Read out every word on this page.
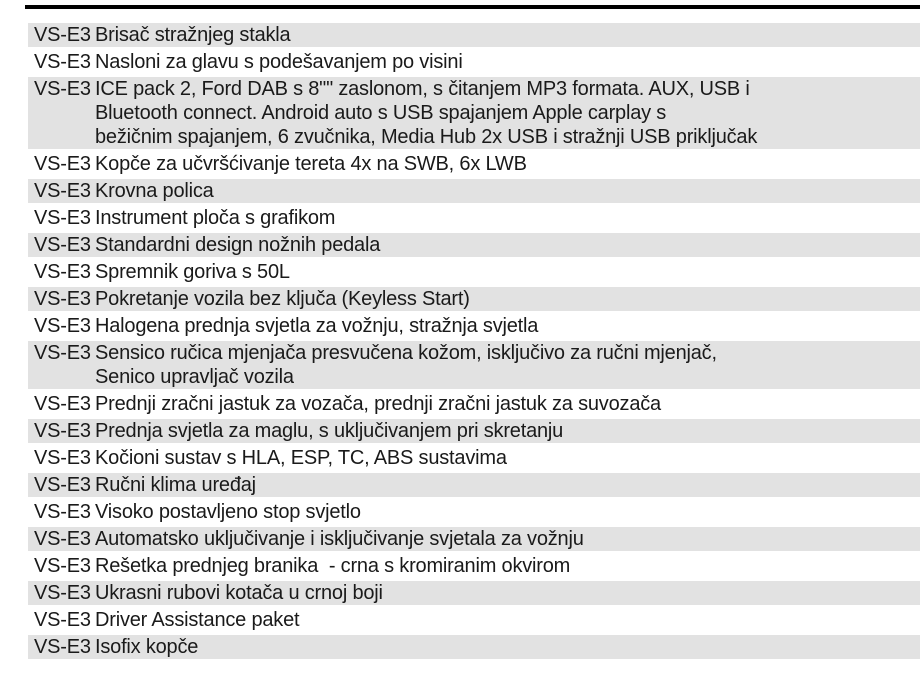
VS-E3 Brisač stražnjeg stakla
VS-E3 Nasloni za glavu s podešavanjem po visini
VS-E3 ICE pack 2, Ford DAB s 8"" zaslonom, s čitanjem MP3 formata. AUX, USB i
Bluetooth connect. Android auto s USB spajanjem Apple carplay s
bežičnim spajanjem, 6 zvučnika, Media Hub 2x USB i stražnji USB priključak
VS-E3 Kopče za učvršćivanje tereta 4x na SWB, 6x LWB
VS-E3 Krovna polica
VS-E3 Instrument ploča s grafikom
VS-E3 Standardni design nožnih pedala
VS-E3 Spremnik goriva s 50L
VS-E3 Pokretanje vozila bez ključa (Keyless Start)
VS-E3 Halogena prednja svjetla za vožnju, stražnja svjetla
VS-E3 Sensico ručica mjenjača presvučena kožom, isključivo za ručni mjenjač,
Senico upravljač vozila
VS-E3 Prednji zračni jastuk za vozača, prednji zračni jastuk za suvozača
VS-E3 Prednja svjetla za maglu, s uključivanjem pri skretanju
VS-E3 Kočioni sustav s HLA, ESP, TC, ABS sustavima
VS-E3 Ručni klima uređaj
VS-E3 Visoko postavljeno stop svjetlo
VS-E3 Automatsko uključivanje i isključivanje svjetala za vožnju
VS-E3 Rešetka prednjeg branika  - crna s kromiranim okvirom
VS-E3 Ukrasni rubovi kotača u crnoj boji
VS-E3 Driver Assistance paket
VS-E3 Isofix kopče
